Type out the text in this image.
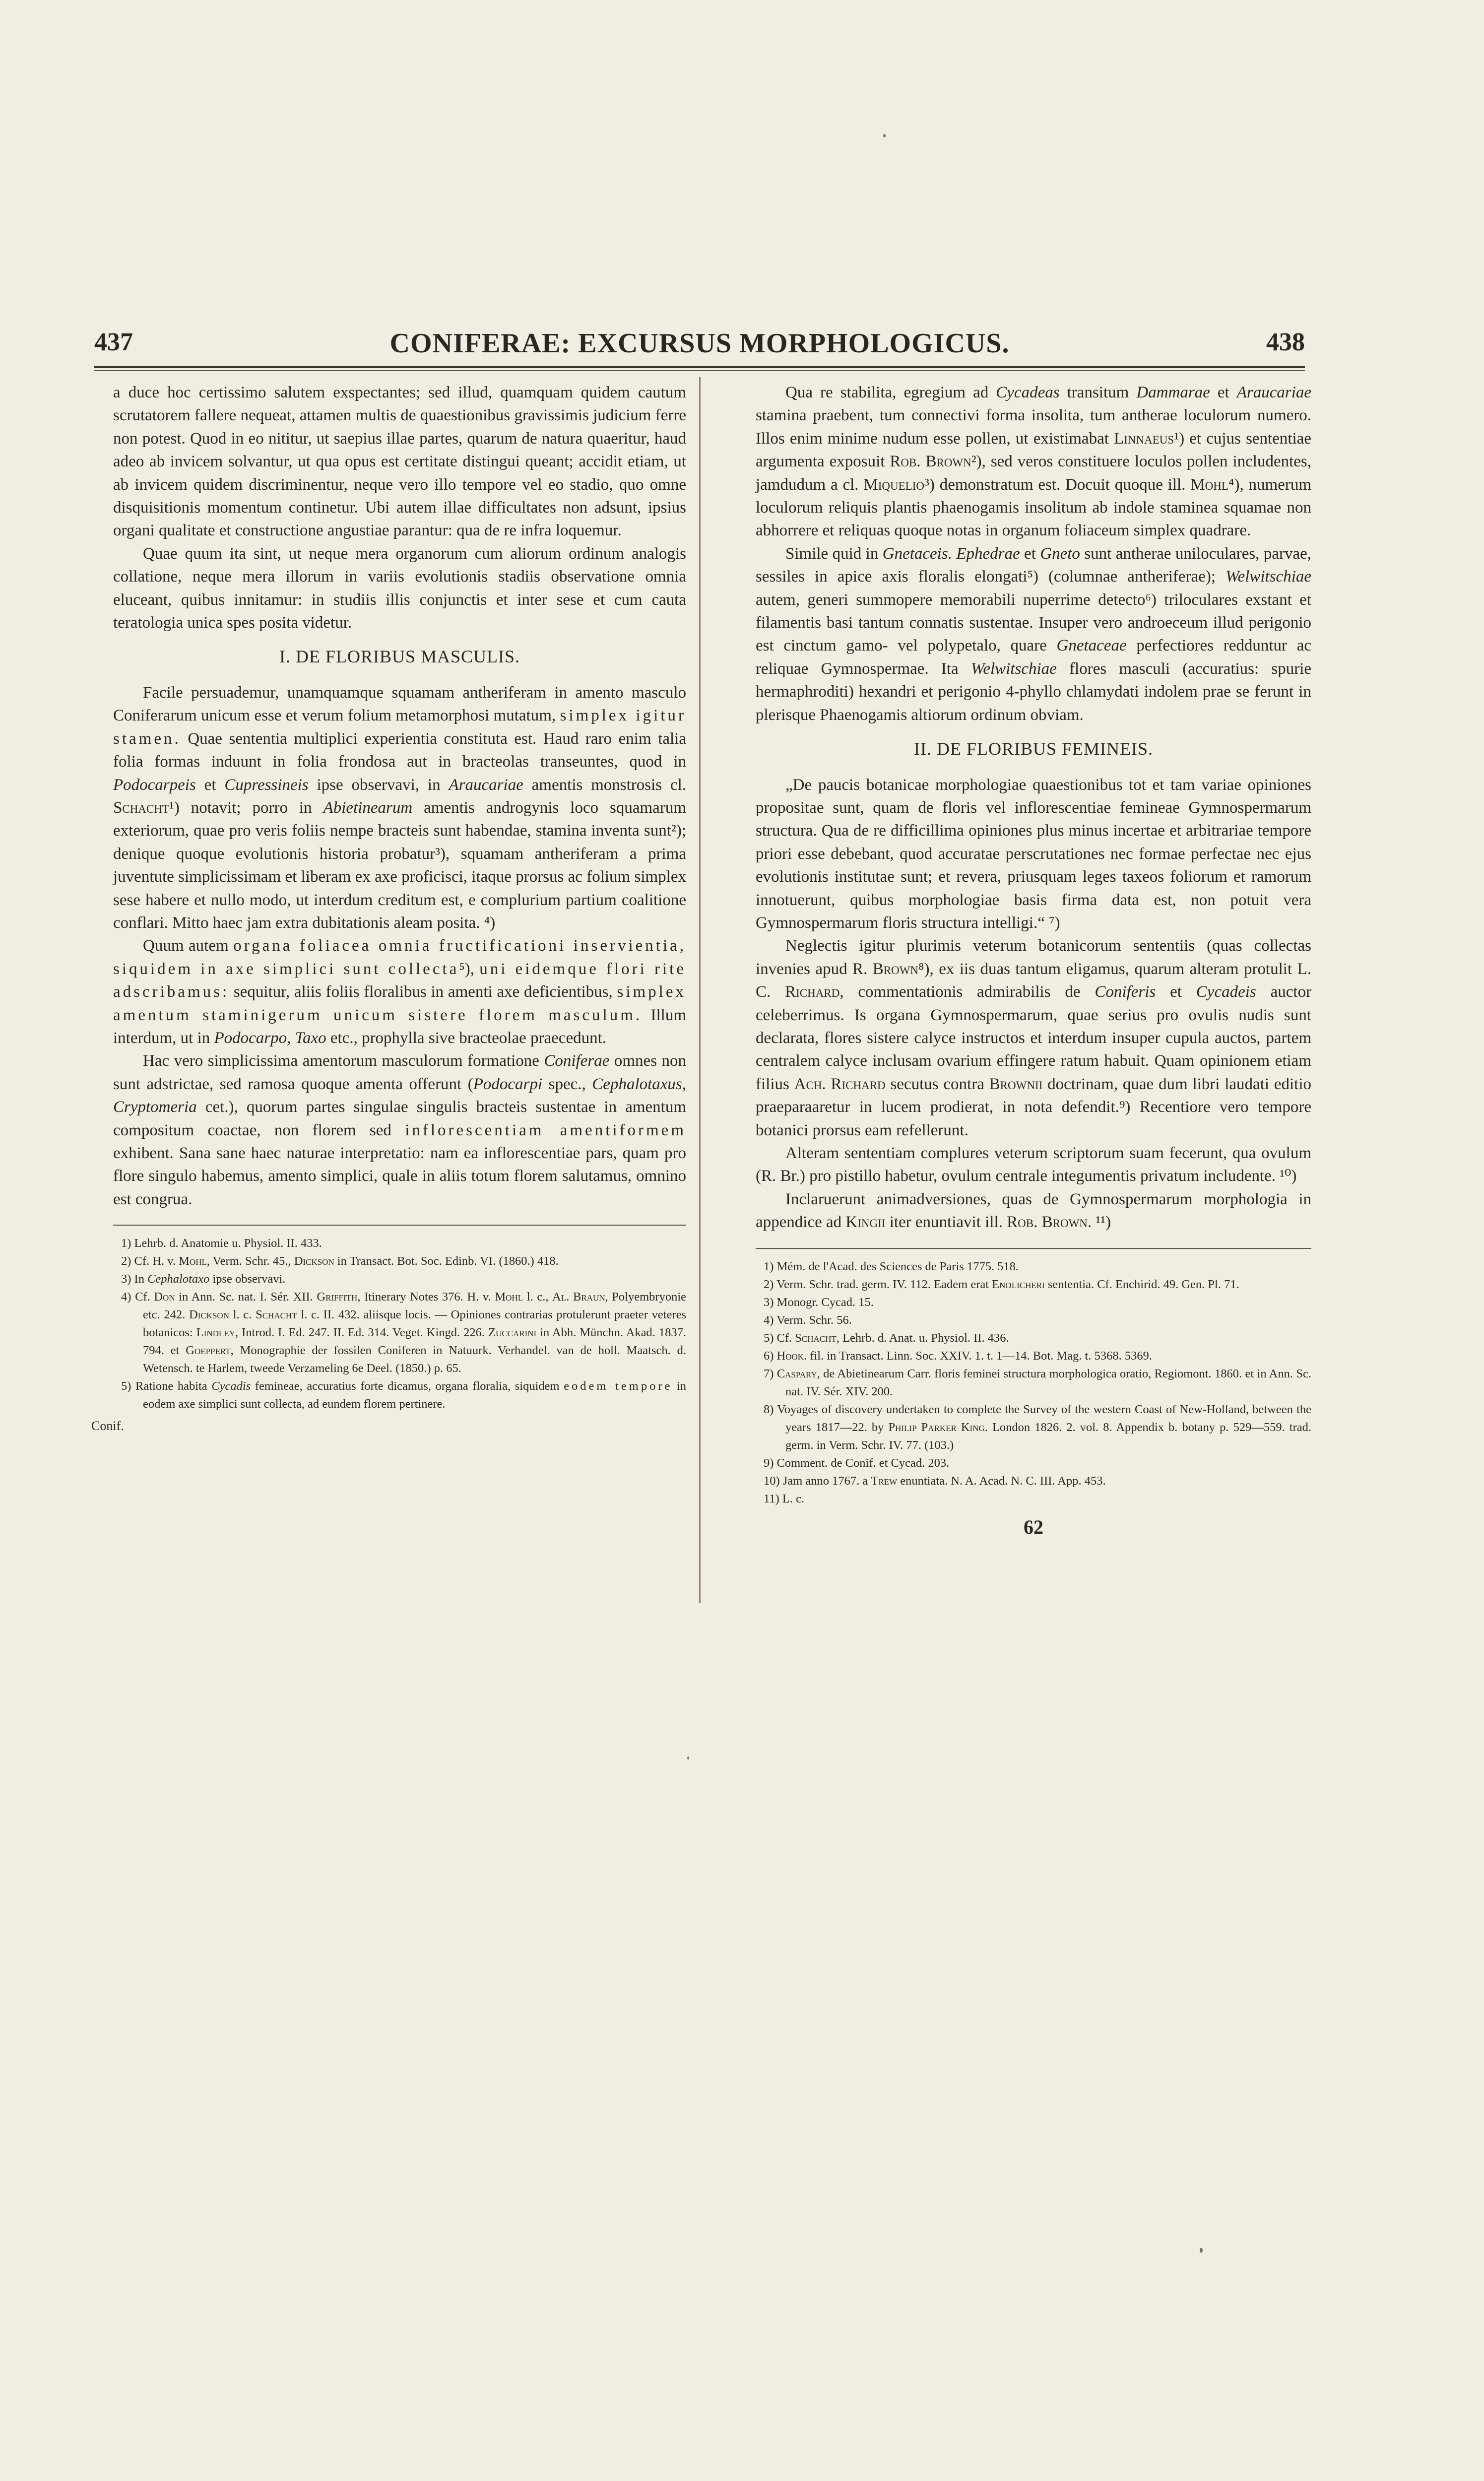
437	CONIFERAE: EXCURSUS MORPHOLOGICUS.	438

a duce hoc certissimo salutem exspectantes; sed illud, quamquam quidem cautum scrutatorem fallere nequeat, attamen multis de quaestionibus gravissimis judicium ferre non potest. Quod in eo nititur, ut saepius illae partes, quarum de natura quaeritur, haud adeo ab invicem solvantur, ut qua opus est certitate distingui queant; accidit etiam, ut ab invicem quidem discriminentur, neque vero illo tempore vel eo stadio, quo omne disquisitionis momentum continetur. Ubi autem illae difficultates non adsunt, ipsius organi qualitate et constructione angustiae parantur: qua de re infra loquemur.

Quae quum ita sint, ut neque mera organorum cum aliorum ordinum analogis collatione, neque mera illorum in variis evolutionis stadiis observatione omnia eluceant, quibus innitamur: in studiis illis conjunctis et inter sese et cum cauta teratologia unica spes posita videtur.

I. DE FLORIBUS MASCULIS.

Facile persuademur, unamquamque squamam antheriferam in amento masculo Coniferarum unicum esse et verum folium metamorphosi mutatum, simplex igitur stamen. Quae sententia multiplici experientia constituta est. Haud raro enim talia folia formas induunt in folia frondosa aut in bracteolas transeuntes, quod in Podocarpeis et Cupressineis ipse observavi, in Araucariae amentis monstrosis cl. Schacht¹) notavit; porro in Abietinearum amentis androgynis loco squamarum exteriorum, quae pro veris foliis nempe bracteis sunt habendae, stamina inventa sunt²); denique quoque evolutionis historia probatur³), squamam antheriferam a prima juventute simplicissimam et liberam ex axe proficisci, itaque prorsus ac folium simplex sese habere et nullo modo, ut interdum creditum est, e complurium partium coalitione conflari. Mitto haec jam extra dubitationis aleam posita. ⁴)

Quum autem organa foliacea omnia fructificationi inservientia, siquidem in axe simplici sunt collecta⁵), uni eidemque flori rite adscribamus: sequitur, aliis foliis floralibus in amenti axe deficientibus, simplex amentum staminigerum unicum sistere florem masculum. Illum interdum, ut in Podocarpo, Taxo etc., prophylla sive bracteolae praecedunt.

Hac vero simplicissima amentorum masculorum formatione Coniferae omnes non sunt adstrictae, sed ramosa quoque amenta offerunt (Podocarpi spec., Cephalotaxus, Cryptomeria cet.), quorum partes singulae singulis bracteis sustentae in amentum compositum coactae, non florem sed inflorescentiam amentiformem exhibent. Sana sane haec naturae interpretatio: nam ea inflorescentiae pars, quam pro flore singulo habemus, amento simplici, quale in aliis totum florem salutamus, omnino est congrua.

1) Lehrb. d. Anatomie u. Physiol. II. 433.

2) Cf. H. v. Mohl, Verm. Schr. 45., Dickson in Transact. Bot. Soc. Edinb. VI. (1860.) 418.

3) In Cephalotaxo ipse observavi.

4) Cf. Don in Ann. Sc. nat. I. Sér. XII. Griffith, Itinerary Notes 376. H. v. Mohl l. c., Al. Braun, Polyembryonie etc. 242. Dickson l. c. Schacht l. c. II. 432. aliisque locis. — Opiniones contrarias protulerunt praeter veteres botanicos: Lindley, Introd. I. Ed. 247. II. Ed. 314. Veget. Kingd. 226. Zuccarini in Abh. Münchn. Akad. 1837. 794. et Goeppert, Monographie der fossilen Coniferen in Natuurk. Verhandel. van de holl. Maatsch. d. Wetensch. te Harlem, tweede Verzameling 6e Deel. (1850.) p. 65.

5) Ratione habita Cycadis femineae, accuratius forte dicamus, organa floralia, siquidem eodem tempore in eodem axe simplici sunt collecta, ad eundem florem pertinere.

Conif.

Qua re stabilita, egregium ad Cycadeas transitum Dammarae et Araucariae stamina praebent, tum connectivi forma insolita, tum antherae loculorum numero. Illos enim minime nudum esse pollen, ut existimabat Linnaeus¹) et cujus sententiae argumenta exposuit Rob. Brown²), sed veros constituere loculos pollen includentes, jamdudum a cl. Miquelio³) demonstratum est. Docuit quoque ill. Mohl⁴), numerum loculorum reliquis plantis phaenogamis insolitum ab indole staminea squamae non abhorrere et reliquas quoque notas in organum foliaceum simplex quadrare.

Simile quid in Gnetaceis. Ephedrae et Gneto sunt antherae uniloculares, parvae, sessiles in apice axis floralis elongati⁵) (columnae antheriferae); Welwitschiae autem, generi summopere memorabili nuperrime detecto⁶) triloculares exstant et filamentis basi tantum connatis sustentae. Insuper vero androeceum illud perigonio est cinctum gamo- vel polypetalo, quare Gnetaceae perfectiores redduntur ac reliquae Gymnospermae. Ita Welwitschiae flores masculi (accuratius: spurie hermaphroditi) hexandri et perigonio 4-phyllo chlamydati indolem prae se ferunt in plerisque Phaenogamis altiorum ordinum obviam.

II. DE FLORIBUS FEMINEIS.

„De paucis botanicae morphologiae quaestionibus tot et tam variae opiniones propositae sunt, quam de floris vel inflorescentiae femineae Gymnospermarum structura. Qua de re difficillima opiniones plus minus incertae et arbitrariae tempore priori esse debebant, quod accuratae perscrutationes nec formae perfectae nec ejus evolutionis institutae sunt; et revera, priusquam leges taxeos foliorum et ramorum innotuerunt, quibus morphologiae basis firma data est, non potuit vera Gymnospermarum floris structura intelligi.“ ⁷)

Neglectis igitur plurimis veterum botanicorum sententiis (quas collectas invenies apud R. Brown⁸), ex iis duas tantum eligamus, quarum alteram protulit L. C. Richard, commentationis admirabilis de Coniferis et Cycadeis auctor celeberrimus. Is organa Gymnospermarum, quae serius pro ovulis nudis sunt declarata, flores sistere calyce instructos et interdum insuper cupula auctos, partem centralem calyce inclusam ovarium effingere ratum habuit. Quam opinionem etiam filius Ach. Richard secutus contra Brownii doctrinam, quae dum libri laudati editio praeparaaretur in lucem prodierat, in nota defendit.⁹) Recentiore vero tempore botanici prorsus eam refellerunt.

Alteram sententiam complures veterum scriptorum suam fecerunt, qua ovulum (R. Br.) pro pistillo habetur, ovulum centrale integumentis privatum includente. ¹⁰)

Inclaruerunt animadversiones, quas de Gymnospermarum morphologia in appendice ad Kingii iter enuntiavit ill. Rob. Brown. ¹¹)

1) Mém. de l'Acad. des Sciences de Paris 1775. 518.

2) Verm. Schr. trad. germ. IV. 112. Eadem erat Endlicheri sententia. Cf. Enchirid. 49. Gen. Pl. 71.

3) Monogr. Cycad. 15.

4) Verm. Schr. 56.

5) Cf. Schacht, Lehrb. d. Anat. u. Physiol. II. 436.

6) Hook. fil. in Transact. Linn. Soc. XXIV. 1. t. 1—14. Bot. Mag. t. 5368. 5369.

7) Caspary, de Abietinearum Carr. floris feminei structura morphologica oratio, Regiomont. 1860. et in Ann. Sc. nat. IV. Sér. XIV. 200.

8) Voyages of discovery undertaken to complete the Survey of the western Coast of New-Holland, between the years 1817—22. by Philip Parker King. London 1826. 2. vol. 8. Appendix b. botany p. 529—559. trad. germ. in Verm. Schr. IV. 77. (103.)

9) Comment. de Conif. et Cycad. 203.

10) Jam anno 1767. a Trew enuntiata. N. A. Acad. N. C. III. App. 453.

11) L. c.

62
